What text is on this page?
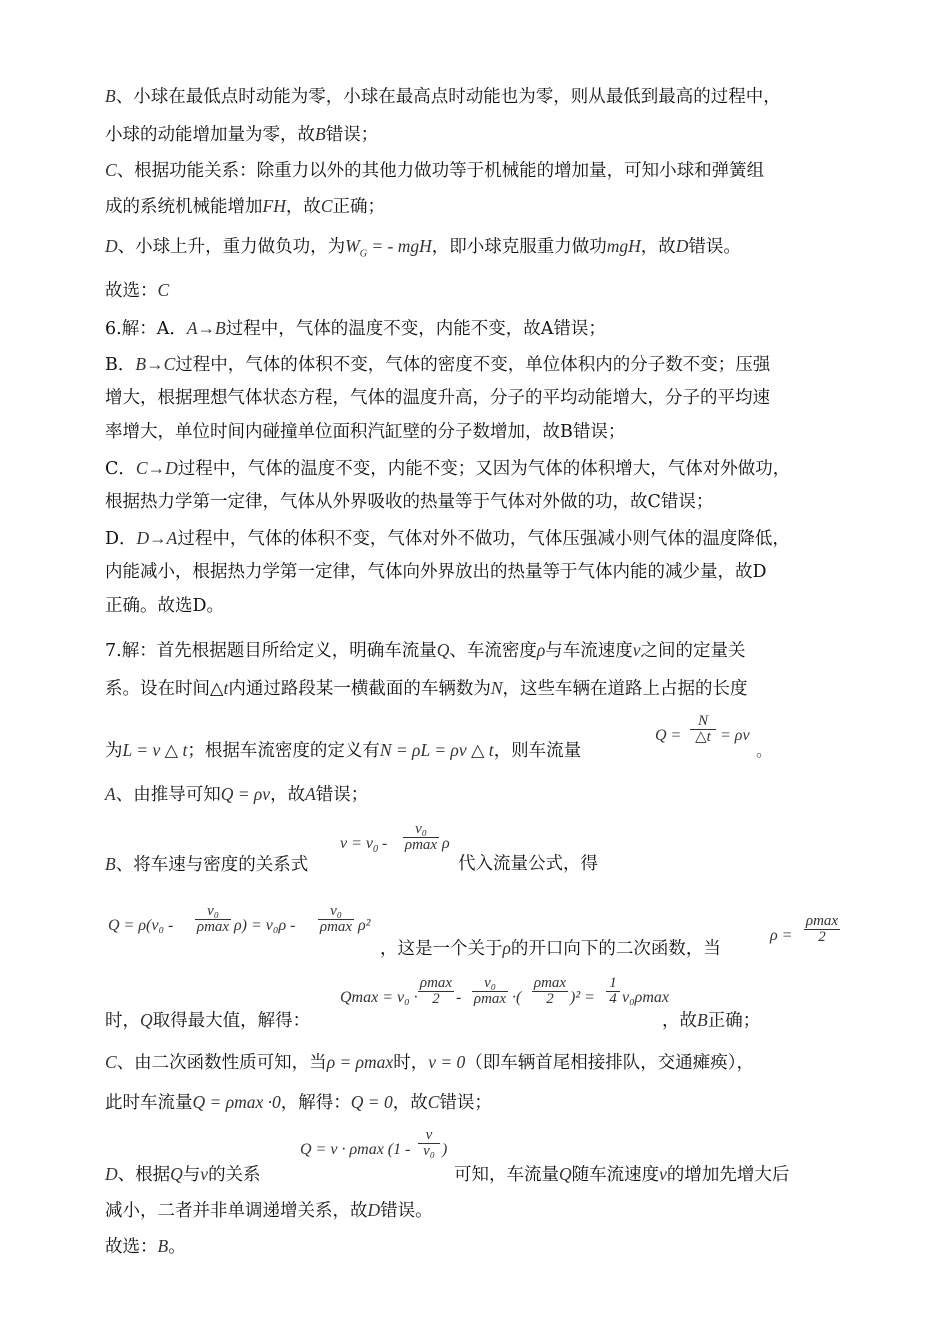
B、小球在最低点时动能为零，小球在最高点时动能也为零，则从最低到最高的过程中，
小球的动能增加量为零，故B错误；
C、根据功能关系：除重力以外的其他力做功等于机械能的增加量，可知小球和弹簧组
成的系统机械能增加FH，故C正确；
D、小球上升，重力做负功，为$W_G$ = - mgH，即小球克服重力做功mgH，故D错误。
故选：C
6.解：A．A→B过程中，气体的温度不变，内能不变，故A错误；
B．B→C过程中，气体的体积不变，气体的密度不变，单位体积内的分子数不变；压强
增大，根据理想气体状态方程，气体的温度升高，分子的平均动能增大，分子的平均速
率增大，单位时间内碰撞单位面积汽缸壁的分子数增加，故B错误；
C．C→D过程中，气体的温度不变，内能不变；又因为气体的体积增大，气体对外做功，
根据热力学第一定律，气体从外界吸收的热量等于气体对外做的功，故C错误；
D．D→A过程中，气体的体积不变，气体对外不做功，气体压强减小则气体的温度降低，
内能减小，根据热力学第一定律，气体向外界放出的热量等于气体内能的减少量，故D
正确。故选D。
7.解：首先根据题目所给定义，明确车流量Q、车流密度ρ与车流速度v之间的定量关
系。设在时间△t内通过路段某一横截面的车辆数为N，这些车辆在道路上占据的长度
为L = v △ t；根据车流密度的定义有N = ρL = ρv △ t，则车流量
Q =
N
△t = ρv
。
A、由推导可知Q = ρv，故A错误；
B、将车速与密度的关系式
$v = v_0$ -
v₀
ρmax ρ
代入流量公式，得
Q = ρ(v₀ -
v₀
ρmax ρ) = v₀ρ -
v₀
ρmax ρ²
，这是一个关于ρ的开口向下的二次函数，当
ρ =
ρmax
2
时，Q取得最大值，解得：
Qmax = v₀ ·
ρmax
2	-
v₀
ρmax ·(
ρmax
2	)² =
1
4 v₀ρmax
，故B正确；
C、由二次函数性质可知，当ρ = ρmax时，v = 0（即车辆首尾相接排队，交通瘫痪），
此时车流量Q = ρmax ·0，解得：Q = 0，故C错误；
Q = v · ρmax (1 -
v
v₀ )
D、根据Q与v的关系	可知，车流量Q随车流速度v的增加先增大后
减小，二者并非单调递增关系，故D错误。
故选：B。
